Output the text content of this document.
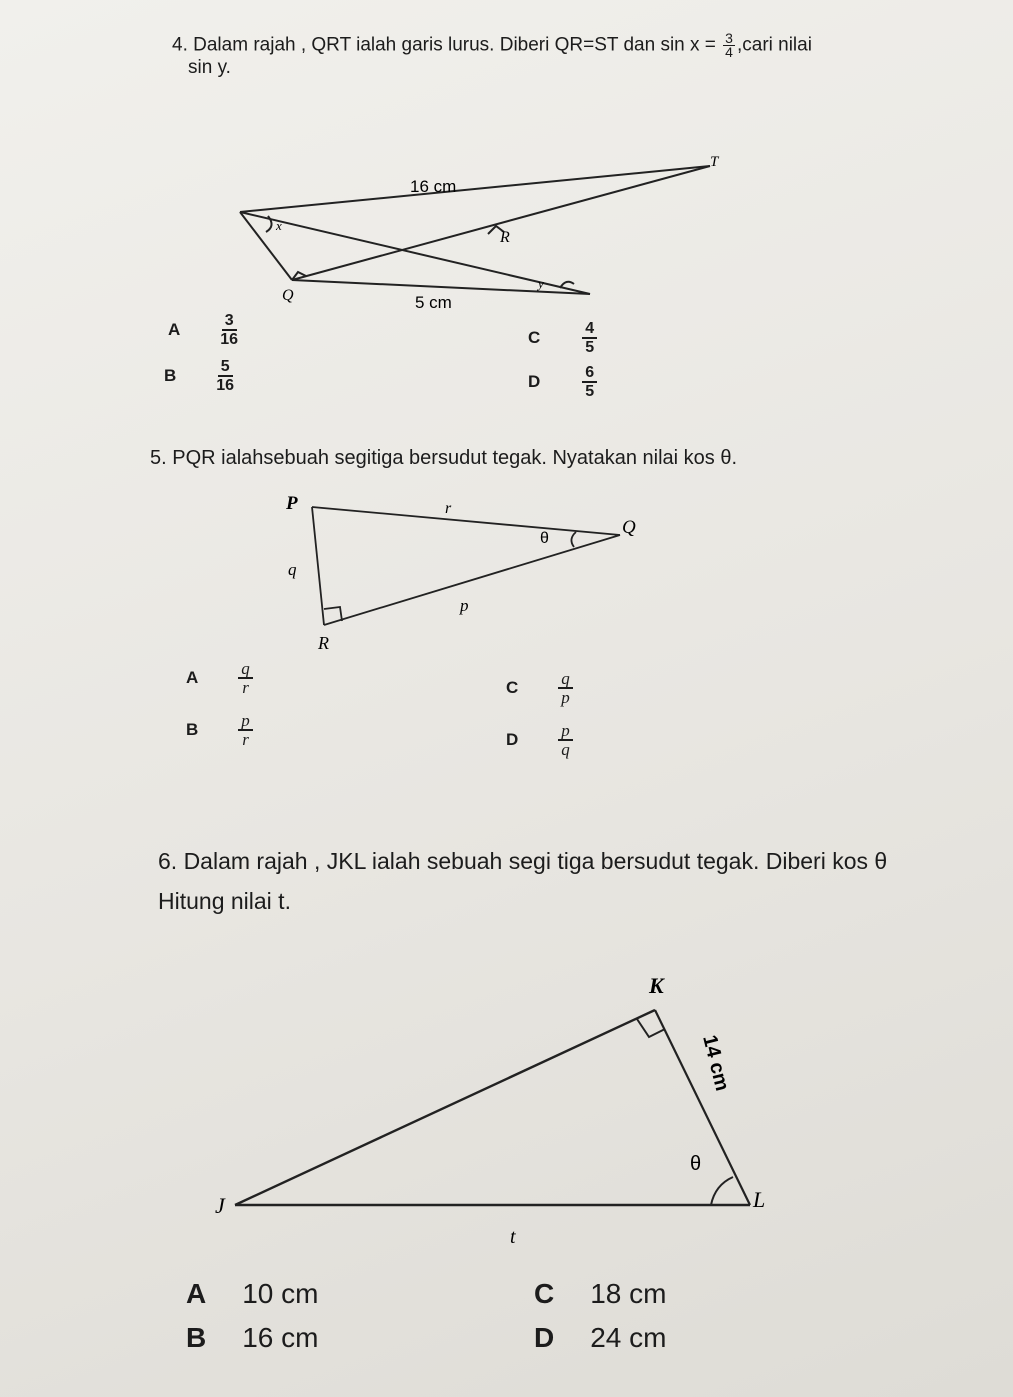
4. Dalam rajah , QRT ialah garis lurus. Diberi QR=ST dan $\sin x = \frac{3}{4}$ ,cari nilai
sin y.
16 cm
5 cm
T
R
Q
x
y
A	$\frac{3}{16}$
B	$\frac{5}{16}$
C	$\frac{4}{5}$
D	$\frac{6}{5}$
5. PQR ialahsebuah segitiga bersudut tegak. Nyatakan nilai kos θ.
P
Q
R
r
q
p
θ
A $\frac{q}{r}$
B $\frac{p}{r}$
C $\frac{q}{p}$
D $\frac{p}{q}$
6. Dalam rajah , JKL ialah sebuah segi tiga bersudut tegak. Diberi kos θ
Hitung nilai t.
K
J	L
t
θ
14 cm
A 10 cm
B 16 cm
C 18 cm
D 24 cm
